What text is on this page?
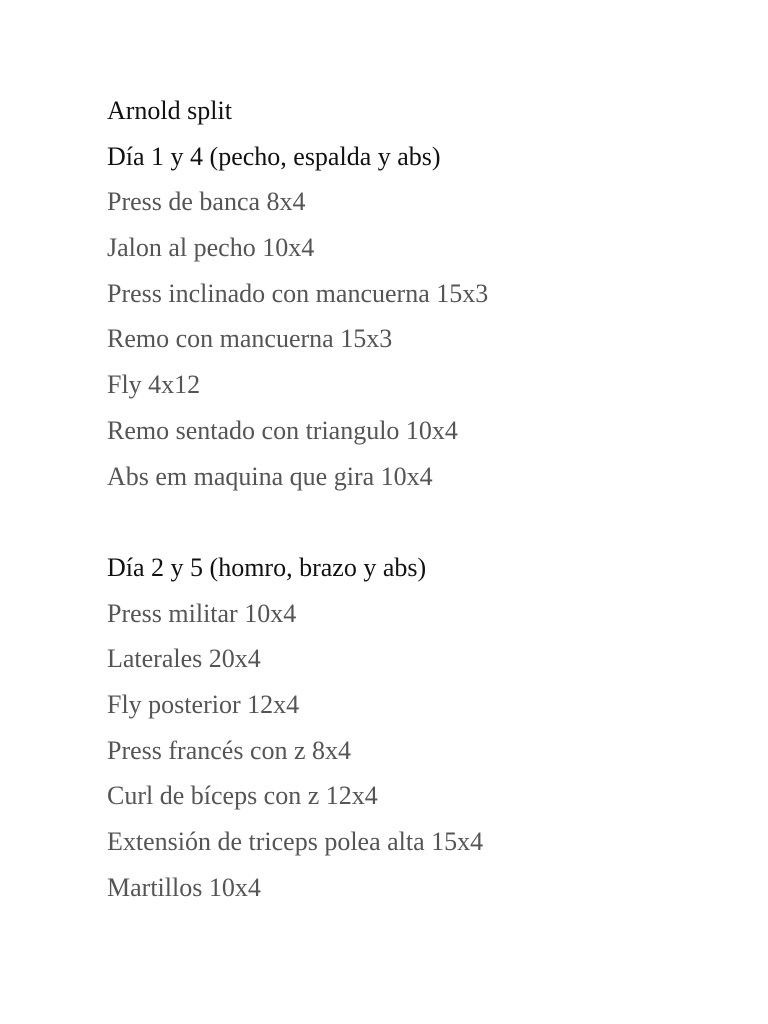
Arnold split
Día 1 y 4 (pecho, espalda y abs)
Press de banca 8x4
Jalon al pecho 10x4
Press inclinado con mancuerna 15x3
Remo con mancuerna 15x3
Fly 4x12
Remo sentado con triangulo 10x4
Abs em maquina que gira 10x4
Día 2 y 5 (homro, brazo y abs)
Press militar 10x4
Laterales 20x4
Fly posterior 12x4
Press francés con z 8x4
Curl de bíceps con z 12x4
Extensión de triceps polea alta 15x4
Martillos 10x4
